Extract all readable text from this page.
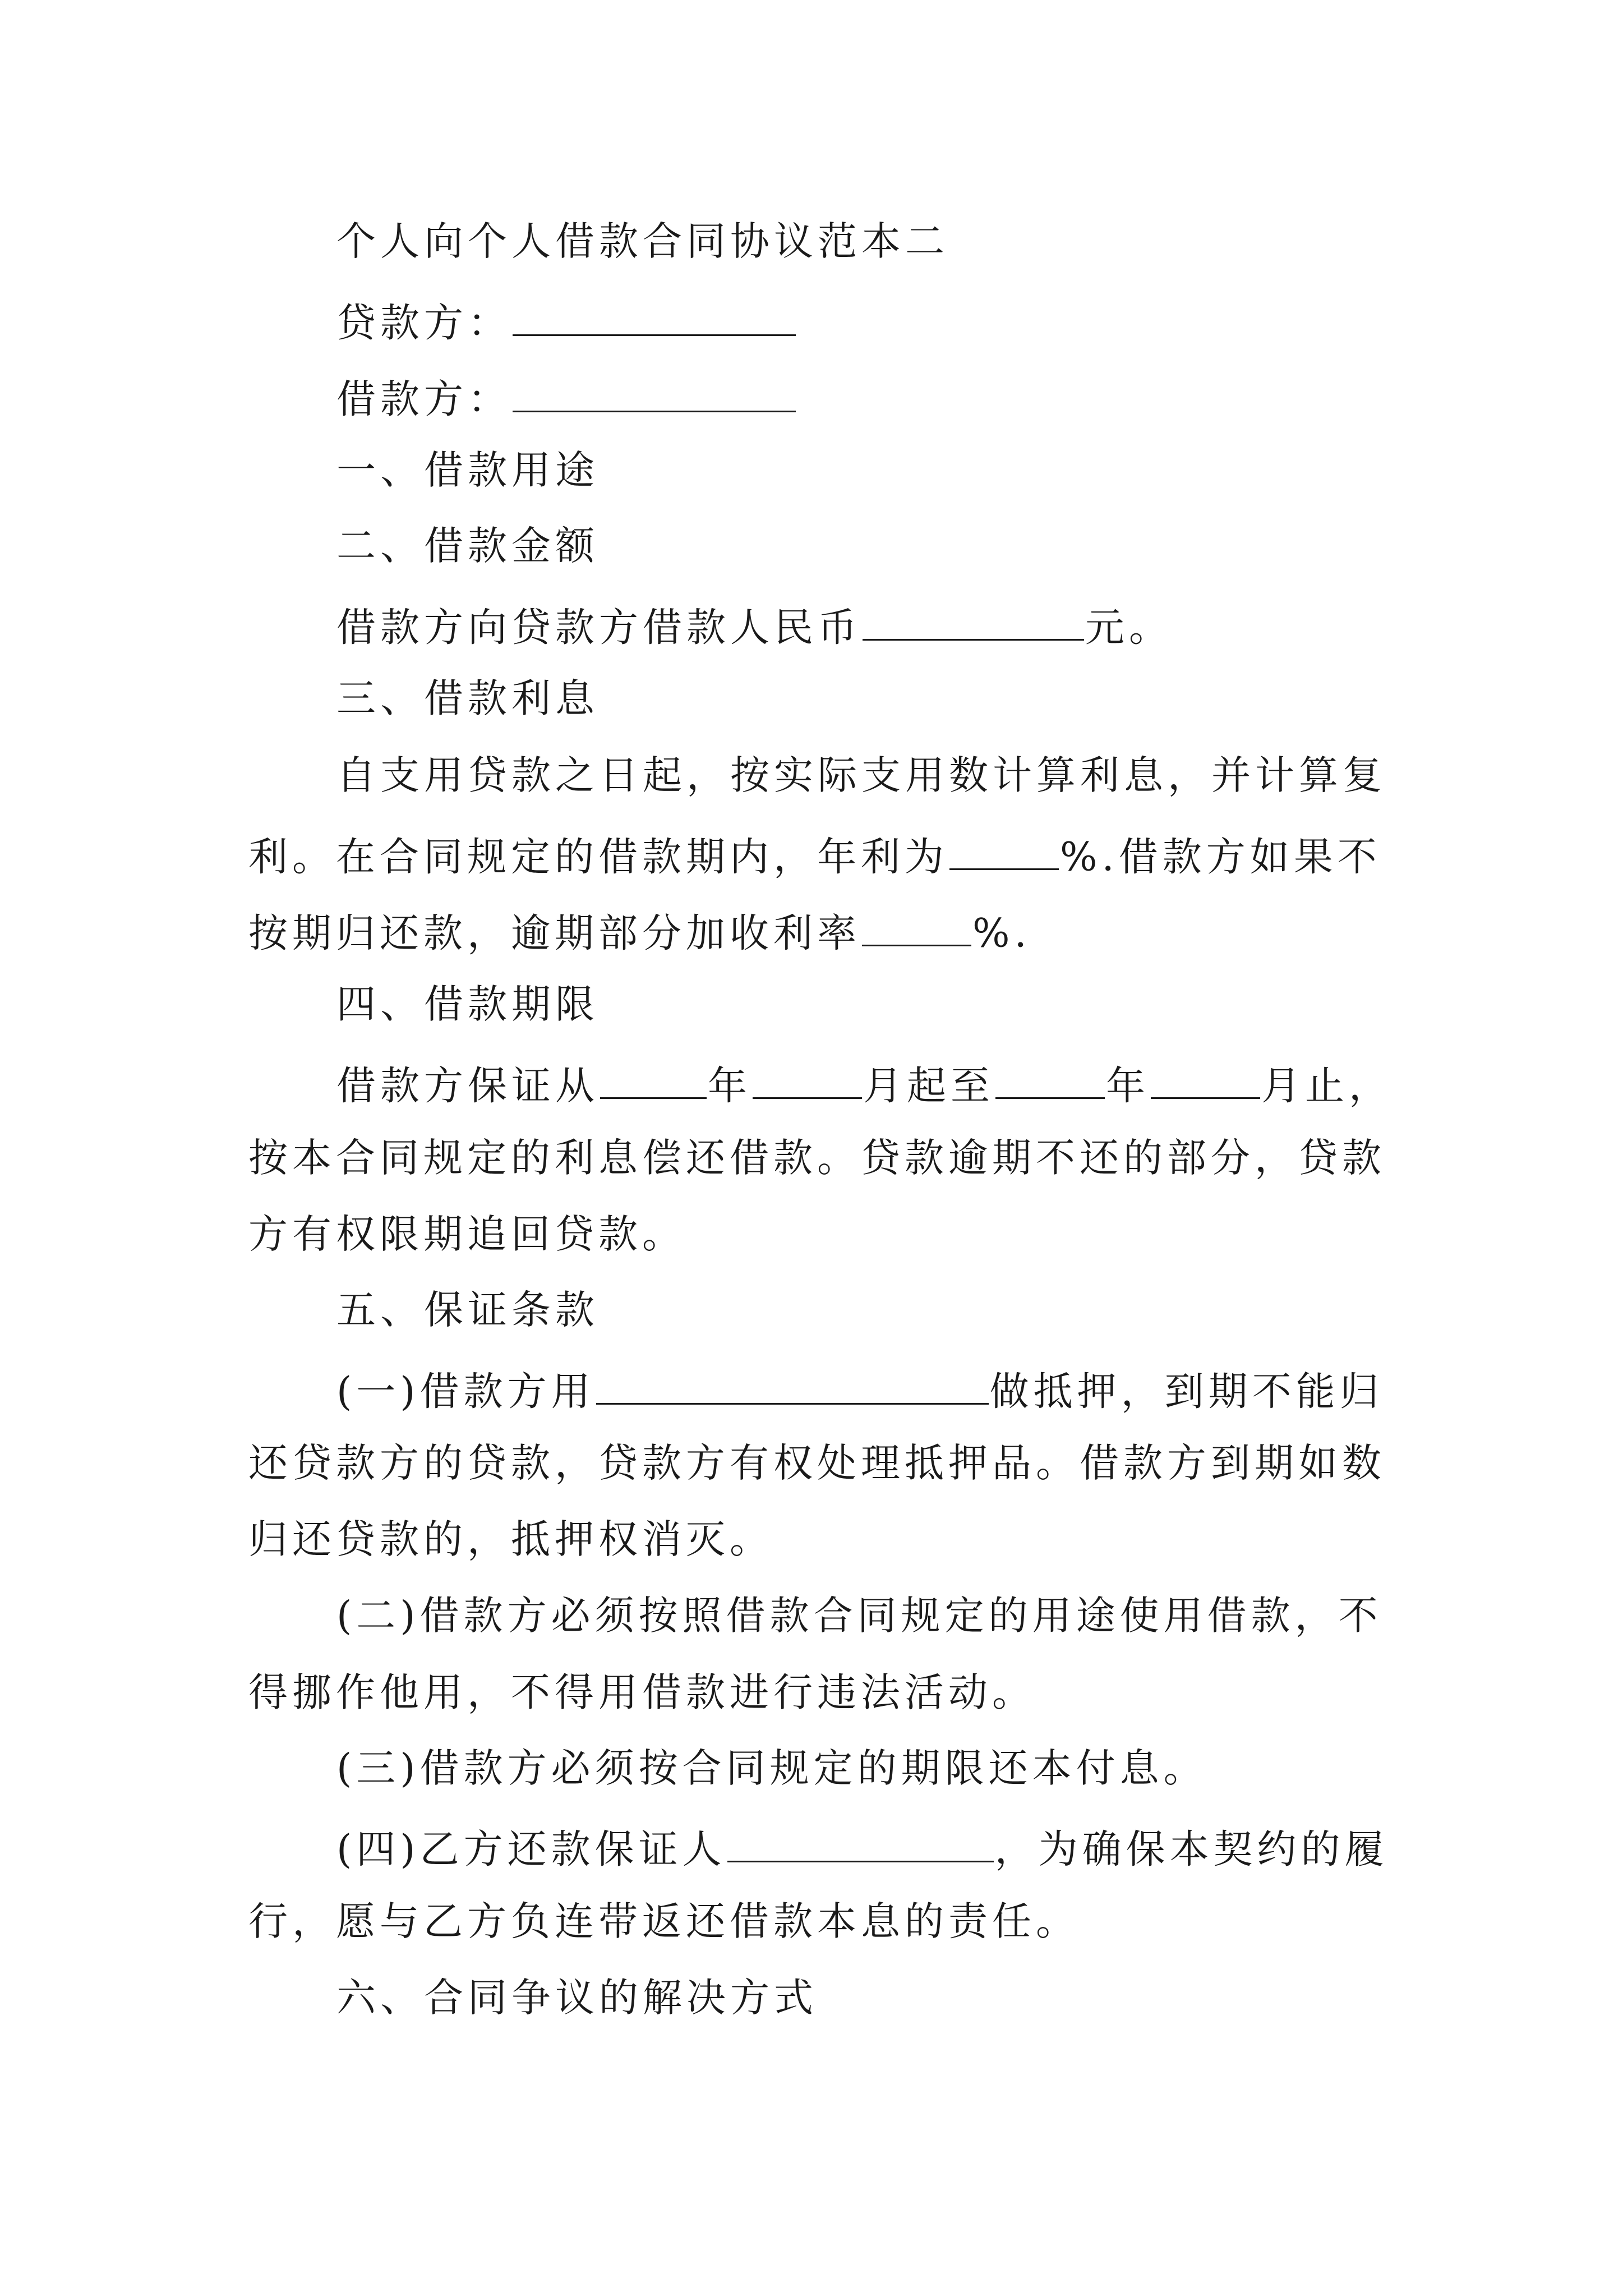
个人向个人借款合同协议范本二
贷款方：
借款方：
一、借款用途
二、借款金额
借款方向贷款方借款人民币	元。
三、借款利息
自支用贷款之日起，按实际支用数计算利息，并计算复
利。在合同规定的借款期内，年利为	%.借款方如果不
按期归还款，逾期部分加收利率	%.
四、借款期限
借款方保证从	年	月起至	年	月止，
按本合同规定的利息偿还借款。贷款逾期不还的部分，贷款
方有权限期追回贷款。
五、保证条款
(一)借款方用	做抵押，到期不能归
还贷款方的贷款，贷款方有权处理抵押品。借款方到期如数
归还贷款的，抵押权消灭。
(二)借款方必须按照借款合同规定的用途使用借款，不
得挪作他用，不得用借款进行违法活动。
(三)借款方必须按合同规定的期限还本付息。
(四)乙方还款保证人	，为确保本契约的履
行，愿与乙方负连带返还借款本息的责任。
六、合同争议的解决方式
